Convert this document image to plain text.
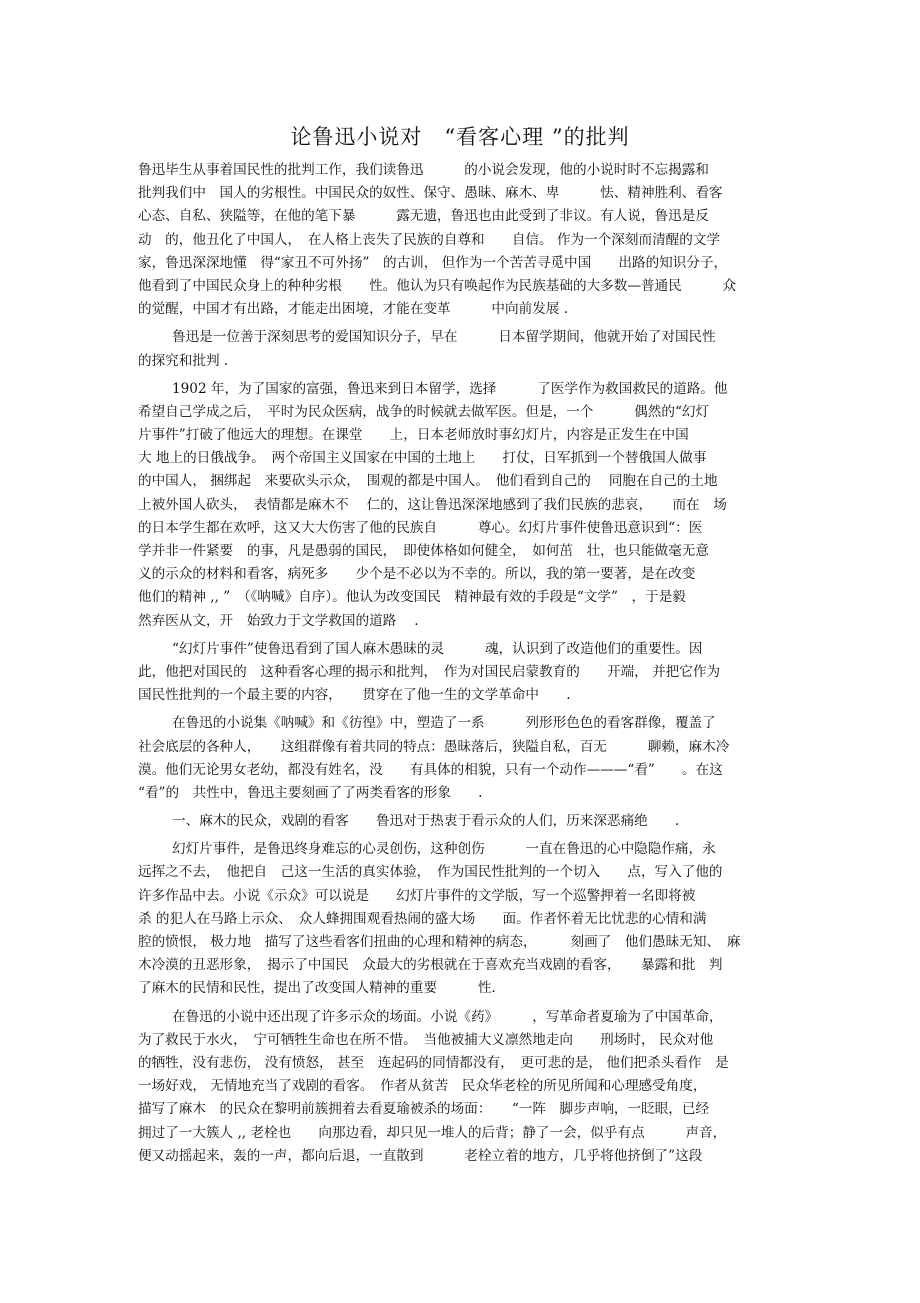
论鲁迅小说对　“看客心理 ”的批判
鲁迅毕生从事着国民性的批判工作，我们读鲁迅　　　的小说会发现，他的小说时时不忘揭露和
批判我们中　国人的劣根性。中国民众的奴性、保守、愚昧、麻木、卑　　　怯、精神胜利、看客
心态、自私、狭隘等，在他的笔下暴　　　露无遗，鲁迅也由此受到了非议。有人说，鲁迅是反
动　的，他丑化了中国人，　在人格上丧失了民族的自尊和　　自信。 作为一个深刻而清醒的文学
家，鲁迅深深地懂　得“家丑不可外扬”　的古训， 但作为一个苦苦寻觅中国　　出路的知识分子，
他看到了中国民众身上的种种劣根　　性。他认为只有唤起作为民族基础的大多数—普通民　　　众
的觉醒，中国才有出路，才能走出困境，才能在变革　　　中向前发展 .
鲁迅是一位善于深刻思考的爱国知识分子，早在　　　日本留学期间，他就开始了对国民性
的探究和批判 .
1902 年，为了国家的富强，鲁迅来到日本留学，选择　　　了医学作为救国救民的道路。他
希望自己学成之后，　平时为民众医病，战争的时候就去做军医。但是，一个　　　偶然的“幻灯
片事件”打破了他远大的理想。在课堂　　上，日本老师放时事幻灯片，内容是正发生在中国
大 地上的日俄战争。　两个帝国主义国家在中国的土地上　　打仗，日军抓到一个替俄国人做事
的中国人， 捆绑起　来要砍头示众，　围观的都是中国人。　他们看到自己的　 同胞在自己的土地
上被外国人砍头，　表情都是麻木不　 仁的，这让鲁迅深深地感到了我们民族的悲哀，　　而在　场
的日本学生都在欢呼，这又大大伤害了他的民族自　　　尊心。幻灯片事件使鲁迅意识到“：医
学并非一件紧要　的事，凡是愚弱的国民，　即使体格如何健全，　如何茁　壮，也只能做毫无意
义的示众的材料和看客，病死多　　少个是不必以为不幸的。所以，我的第一要著，是在改变
他们的精神 ,, ”　（《呐喊》自序）。他认为改变国民　精神最有效的手段是“文学”　，于是毅
然弃医从文，开　始致力于文学救国的道路　 .
“幻灯片事件”使鲁迅看到了国人麻木愚昧的灵　　　魂，认识到了改造他们的重要性。因
此，他把对国民的　这种看客心理的揭示和批判，　作为对国民启蒙教育的　　开端， 并把它作为
国民性批判的一个最主要的内容，　　贯穿在了他一生的文学革命中　　.
在鲁迅的小说集《呐喊》和《彷徨》中，塑造了一系　　　列形形色色的看客群像，覆盖了
社会底层的各种人，　　这组群像有着共同的特点：愚昧落后，狭隘自私，百无　　　聊赖，麻木冷
漠。他们无论男女老幼，都没有姓名，没　　有具体的相貌，只有一个动作———“看”　　。在这
“看”的　共性中，鲁迅主要刻画了了两类看客的形象　　.
一、麻木的民众，戏剧的看客　　鲁迅对于热衷于看示众的人们，历来深恶痛绝　　.
幻灯片事件，是鲁迅终身难忘的心灵创伤，这种创伤　　　一直在鲁迅的心中隐隐作痛，永
远挥之不去，　他把自　己这一生活的真实体验，　作为国民性批判的一个切入　　点，写入了他的
许多作品中去。小说《示众》可以说是　　幻灯片事件的文学版，写一个巡警押着一名即将被
杀 的犯人在马路上示众、　众人蜂拥围观看热闹的盛大场　　面。作者怀着无比忧悲的心情和满
腔的愤恨， 极力地　描写了这些看客们扭曲的心理和精神的病态，　　　刻画了　他们愚昧无知、　麻
木冷漠的丑恶形象，　揭示了中国民　众最大的劣根就在于喜欢充当戏剧的看客，　　暴露和批　判
了麻木的民情和民性，提出了改变国人精神的重要　　　性.
在鲁迅的小说中还出现了许多示众的场面。小说《药》　　　，写革命者夏瑜为了中国革命，
为了救民于水火，　宁可牺牲生命也在所不惜。　当他被捕大义凛然地走向　　刑场时， 民众对他
的牺牲，没有悲伤， 没有愤怒， 甚至　连起码的同情都没有，　更可悲的是， 他们把杀头看作　是
一场好戏， 无情地充当了戏剧的看客。　作者从贫苦　民众华老栓的所见所闻和心理感受角度，
描写了麻木　的民众在黎明前簇拥着去看夏瑜被杀的场面：　　“一阵　脚步声响，一眨眼，已经
拥过了一大簇人 ,, 老栓也　　向那边看，却只见一堆人的后背；静了一会，似乎有点　　　声音，
便又动摇起来，轰的一声，都向后退，一直散到　　　老栓立着的地方，几乎将他挤倒了”这段
